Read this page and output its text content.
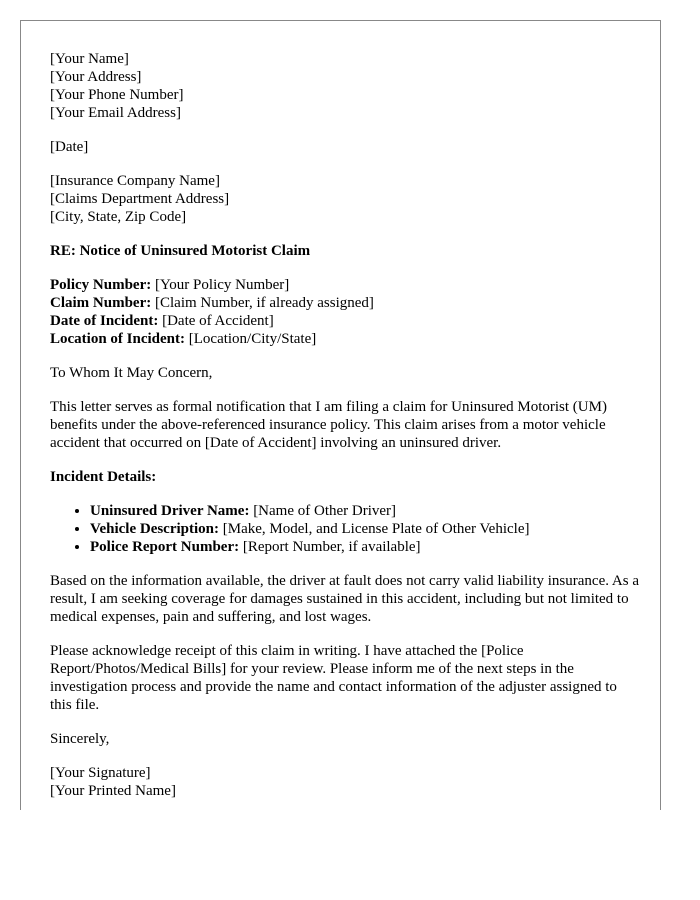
[Your Name]
[Your Address]
[Your Phone Number]
[Your Email Address]
[Date]
[Insurance Company Name]
[Claims Department Address]
[City, State, Zip Code]
RE: Notice of Uninsured Motorist Claim
Policy Number: [Your Policy Number]
Claim Number: [Claim Number, if already assigned]
Date of Incident: [Date of Accident]
Location of Incident: [Location/City/State]

To Whom It May Concern,

This letter serves as formal notification that I am filing a claim for Uninsured Motorist (UM) benefits under the above-referenced insurance policy. This claim arises from a motor vehicle accident that occurred on [Date of Accident] involving an uninsured driver.

Incident Details:

• Uninsured Driver Name: [Name of Other Driver]
• Vehicle Description: [Make, Model, and License Plate of Other Vehicle]
• Police Report Number: [Report Number, if available]

Based on the information available, the driver at fault does not carry valid liability insurance. As a result, I am seeking coverage for damages sustained in this accident, including but not limited to medical expenses, pain and suffering, and lost wages.

Please acknowledge receipt of this claim in writing. I have attached the [Police Report/Photos/Medical Bills] for your review. Please inform me of the next steps in the investigation process and provide the name and contact information of the adjuster assigned to this file.

Sincerely,

[Your Signature]
[Your Printed Name]
